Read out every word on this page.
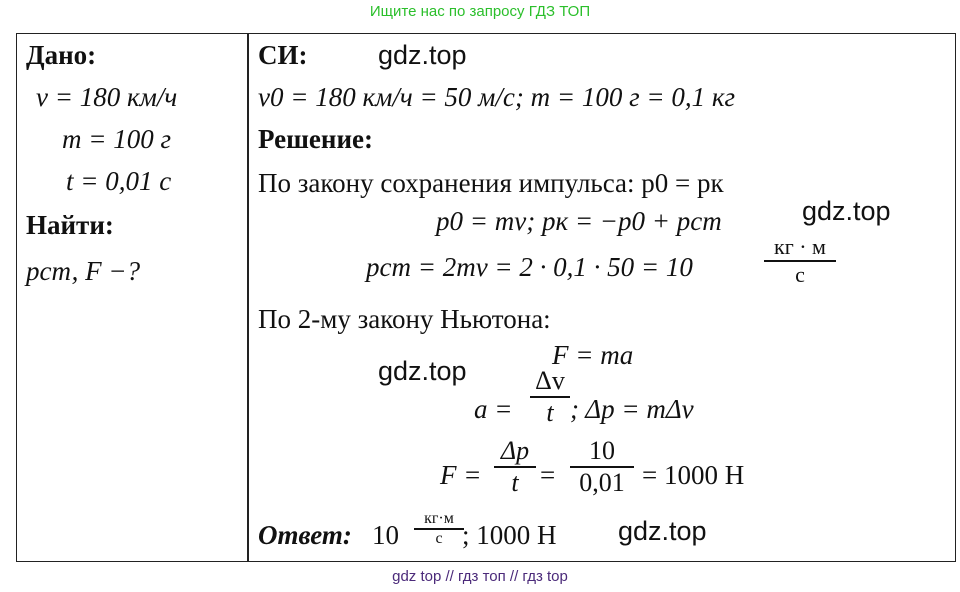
Ищите нас по запросу ГДЗ ТОП
Дано:
v = 180 км/ч
m = 100 г
t = 0,01 с
Найти:
pст, F −?
СИ:
v0 = 180 км/ч = 50 м/с; m = 100 г = 0,1 кг
Решение:
По закону сохранения импульса: p0 = pк
p0 = mv; pк = −p0 + pст
pст = 2mv = 2 · 0,1 · 50 = 10
кг · м
с
По 2-му закону Ньютона:
F = ma
a =
Δv
t ; Δp = mΔv
F =
Δp
t =
10
0,01 = 1000 Н
Ответ: 10
кг·м
с ; 1000 Н
gdz.top
gdz.top
gdz.top
gdz.top
gdz top // гдз топ // гдз top
